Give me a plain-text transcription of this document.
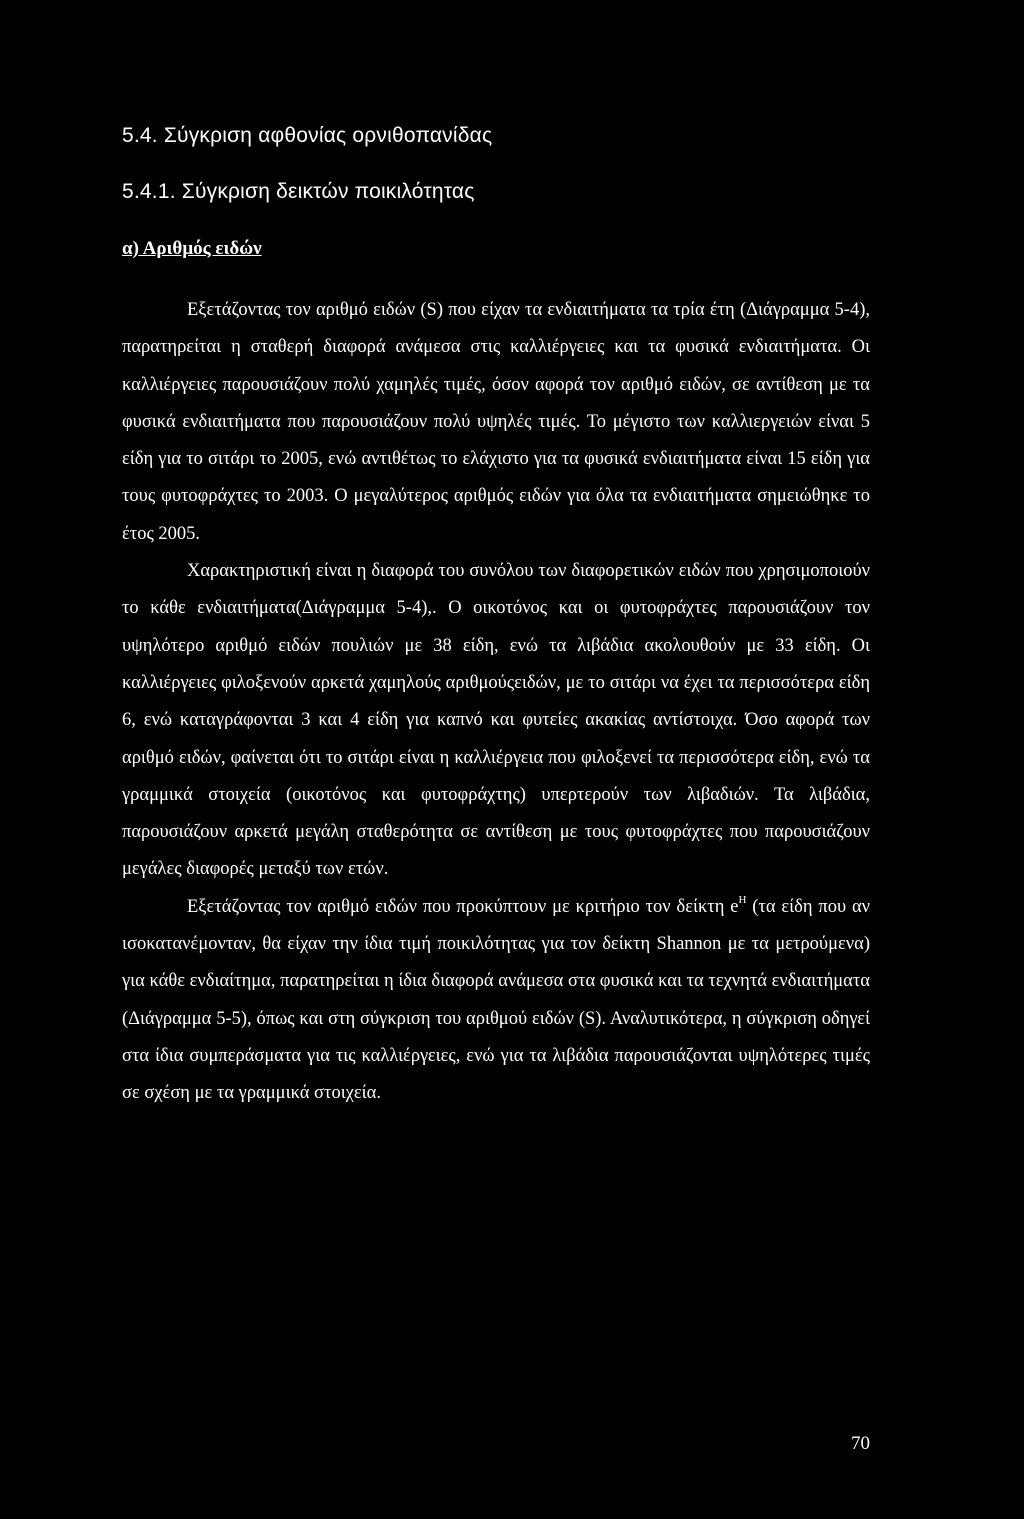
5.4. Σύγκριση αφθονίας ορνιθοπανίδας
5.4.1. Σύγκριση δεικτών ποικιλότητας
α) Αριθμός ειδών

Εξετάζοντας τον αριθμό ειδών (S) που είχαν τα ενδιαιτήματα τα τρία έτη (Διάγραμμα 5-4), παρατηρείται η σταθερή διαφορά ανάμεσα στις καλλιέργειες και τα φυσικά ενδιαιτήματα. Οι καλλιέργειες παρουσιάζουν πολύ χαμηλές τιμές, όσον αφορά τον αριθμό ειδών, σε αντίθεση με τα φυσικά ενδιαιτήματα που παρουσιάζουν πολύ υψηλές τιμές. Το μέγιστο των καλλιεργειών είναι 5 είδη για το σιτάρι το 2005, ενώ αντιθέτως το ελάχιστο για τα φυσικά ενδιαιτήματα είναι 15 είδη για τους φυτοφράχτες το 2003. Ο μεγαλύτερος αριθμός ειδών για όλα τα ενδιαιτήματα σημειώθηκε το έτος 2005.

Χαρακτηριστική είναι η διαφορά του συνόλου των διαφορετικών ειδών που χρησιμοποιούν το κάθε ενδιαιτήματα(Διάγραμμα 5-4),. Ο οικοτόνος και οι φυτοφράχτες παρουσιάζουν τον υψηλότερο αριθμό ειδών πουλιών με 38 είδη, ενώ τα λιβάδια ακολουθούν με 33 είδη. Οι καλλιέργειες φιλοξενούν αρκετά χαμηλούς αριθμούςειδών, με το σιτάρι να έχει τα περισσότερα είδη 6, ενώ καταγράφονται 3 και 4 είδη για καπνό και φυτείες ακακίας αντίστοιχα. Όσο αφορά των αριθμό ειδών, φαίνεται ότι το σιτάρι είναι η καλλιέργεια που φιλοξενεί τα περισσότερα είδη, ενώ τα γραμμικά στοιχεία (οικοτόνος και φυτοφράχτης) υπερτερούν των λιβαδιών. Τα λιβάδια, παρουσιάζουν αρκετά μεγάλη σταθερότητα σε αντίθεση με τους φυτοφράχτες που παρουσιάζουν μεγάλες διαφορές μεταξύ των ετών.

Εξετάζοντας τον αριθμό ειδών που προκύπτουν με κριτήριο τον δείκτη $e^H$ (τα είδη που αν ισοκατανέμονταν, θα είχαν την ίδια τιμή ποικιλότητας για τον δείκτη Shannon με τα μετρούμενα) για κάθε ενδιαίτημα, παρατηρείται η ίδια διαφορά ανάμεσα στα φυσικά και τα τεχνητά ενδιαιτήματα (Διάγραμμα 5-5), όπως και στη σύγκριση του αριθμού ειδών (S). Αναλυτικότερα, η σύγκριση οδηγεί στα ίδια συμπεράσματα για τις καλλιέργειες, ενώ για τα λιβάδια παρουσιάζονται υψηλότερες τιμές σε σχέση με τα γραμμικά στοιχεία.

70
